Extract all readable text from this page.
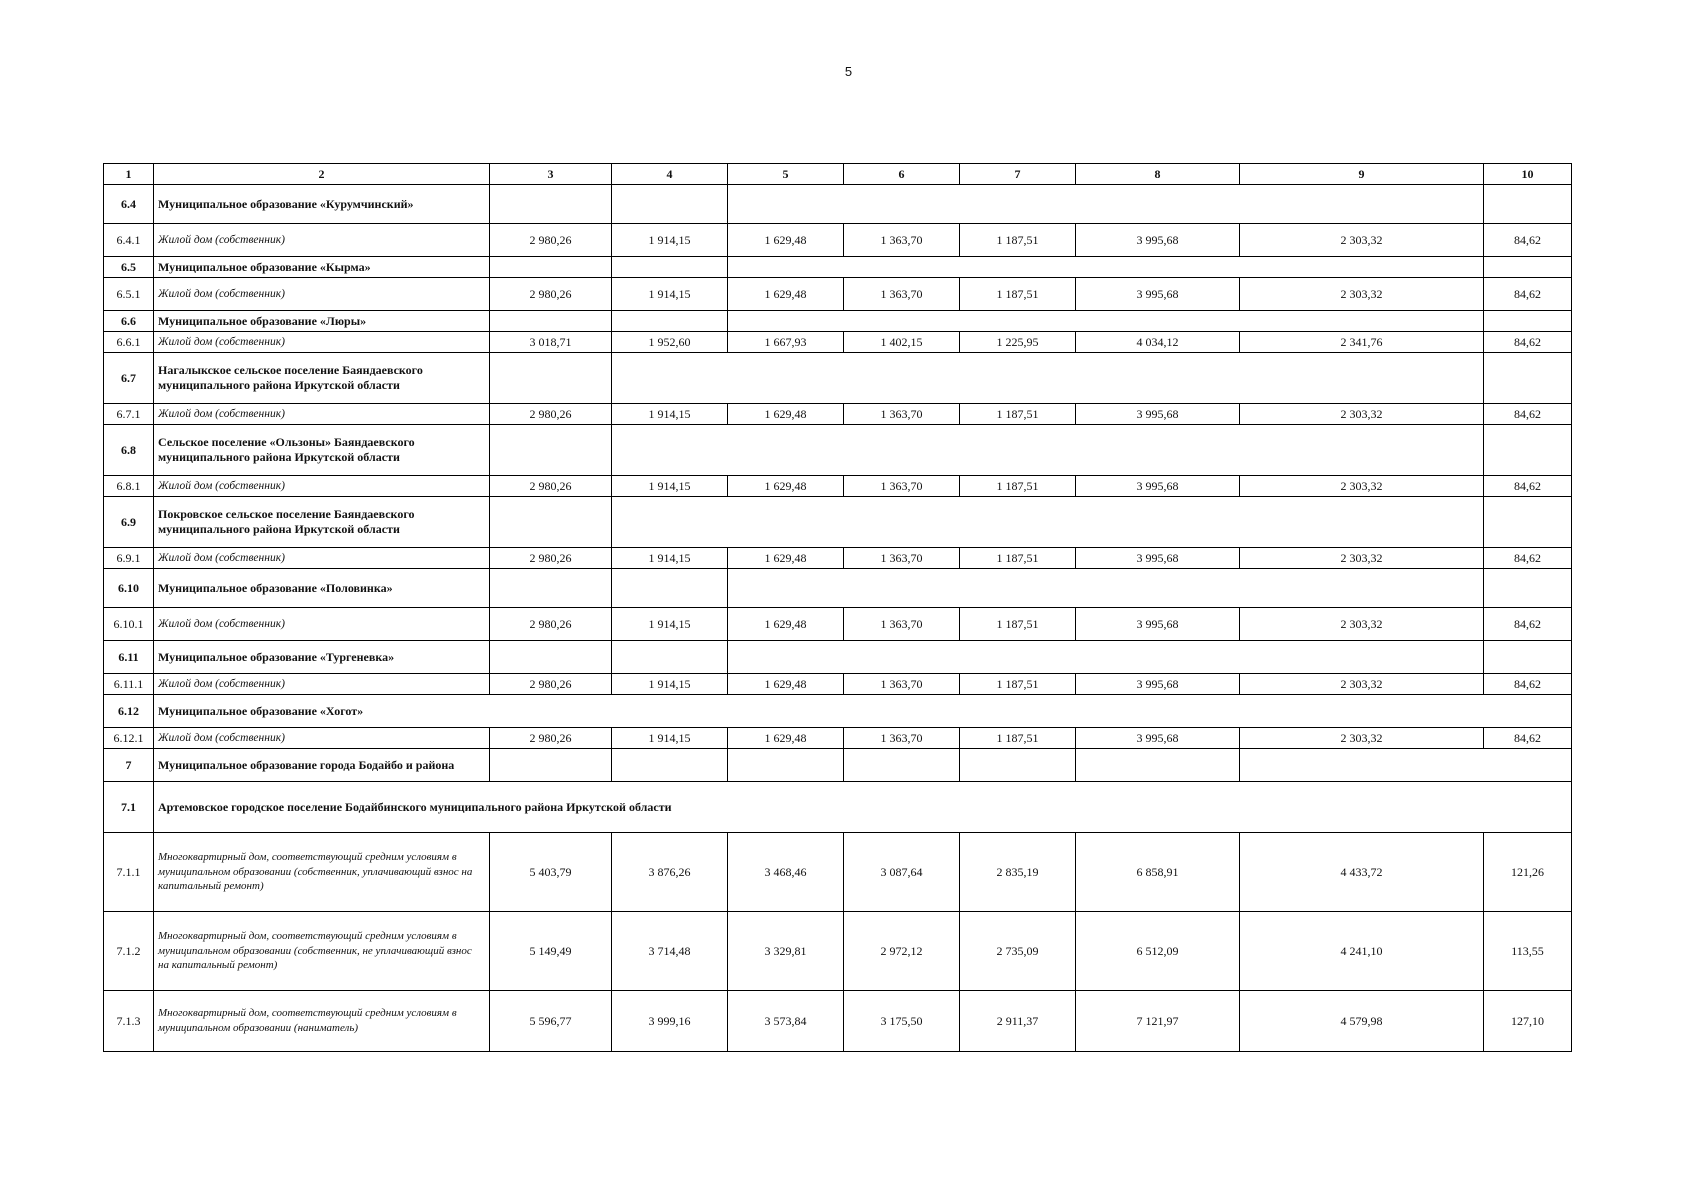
5
1	2	3	4	5	6	7	8	9	10
6.4	Муниципальное образование «Курумчинский»								
6.4.1	Жилой дом (собственник)	2 980,26	1 914,15	1 629,48	1 363,70	1 187,51	3 995,68	2 303,32	84,62
6.5	Муниципальное образование «Кырма»								
6.5.1	Жилой дом (собственник)	2 980,26	1 914,15	1 629,48	1 363,70	1 187,51	3 995,68	2 303,32	84,62
6.6	Муниципальное образование «Люры»								
6.6.1	Жилой дом (собственник)	3 018,71	1 952,60	1 667,93	1 402,15	1 225,95	4 034,12	2 341,76	84,62
6.7	Нагалыкское сельское поселение Баяндаевского муниципального района Иркутской области								
6.7.1	Жилой дом (собственник)	2 980,26	1 914,15	1 629,48	1 363,70	1 187,51	3 995,68	2 303,32	84,62
6.8	Сельское поселение «Ользоны» Баяндаевского муниципального района Иркутской области								
6.8.1	Жилой дом (собственник)	2 980,26	1 914,15	1 629,48	1 363,70	1 187,51	3 995,68	2 303,32	84,62
6.9	Покровское сельское поселение Баяндаевского муниципального района Иркутской области								
6.9.1	Жилой дом (собственник)	2 980,26	1 914,15	1 629,48	1 363,70	1 187,51	3 995,68	2 303,32	84,62
6.10	Муниципальное образование «Половинка»								
6.10.1	Жилой дом (собственник)	2 980,26	1 914,15	1 629,48	1 363,70	1 187,51	3 995,68	2 303,32	84,62
6.11	Муниципальное образование «Тургеневка»								
6.11.1	Жилой дом (собственник)	2 980,26	1 914,15	1 629,48	1 363,70	1 187,51	3 995,68	2 303,32	84,62
6.12	Муниципальное образование «Хогот»								
6.12.1	Жилой дом (собственник)	2 980,26	1 914,15	1 629,48	1 363,70	1 187,51	3 995,68	2 303,32	84,62
7	Муниципальное образование города Бодайбо и района								
7.1	Артемовское городское поселение Бодайбинского муниципального района Иркутской области								
7.1.1	Многоквартирный дом, соответствующий средним условиям в муниципальном образовании (собственник, уплачивающий взнос на капитальный ремонт)	5 403,79	3 876,26	3 468,46	3 087,64	2 835,19	6 858,91	4 433,72	121,26
7.1.2	Многоквартирный дом, соответствующий средним условиям в муниципальном образовании (собственник, не уплачивающий взнос на капитальный ремонт)	5 149,49	3 714,48	3 329,81	2 972,12	2 735,09	6 512,09	4 241,10	113,55
7.1.3	Многоквартирный дом, соответствующий средним условиям в муниципальном образовании (наниматель)	5 596,77	3 999,16	3 573,84	3 175,50	2 911,37	7 121,97	4 579,98	127,10
